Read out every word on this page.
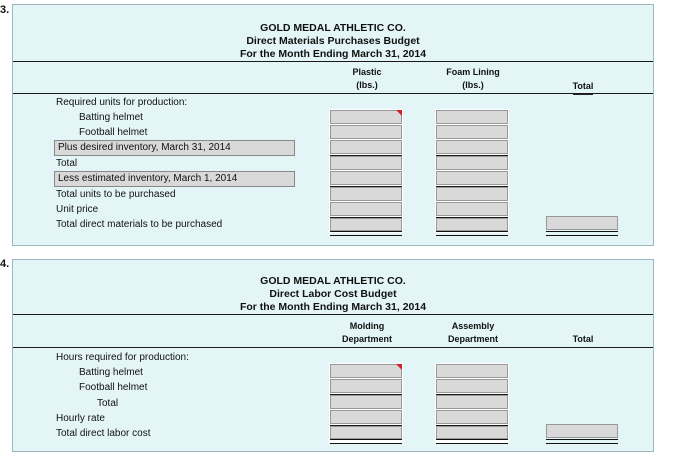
3.
GOLD MEDAL ATHLETIC CO.
Direct Materials Purchases Budget
For the Month Ending March 31, 2014
Plastic
(lbs.)
Foam Lining
(lbs.)	Total
Required units for production:
Batting helmet
Football helmet
Plus desired inventory, March 31, 2014
Total
Less estimated inventory, March 1, 2014
Total units to be purchased
Unit price
Total direct materials to be purchased
4.
GOLD MEDAL ATHLETIC CO.
Direct Labor Cost Budget
For the Month Ending March 31, 2014
Molding
Department
Assembly
Department	Total
Hours required for production:
Batting helmet
Football helmet
Total
Hourly rate
Total direct labor cost
